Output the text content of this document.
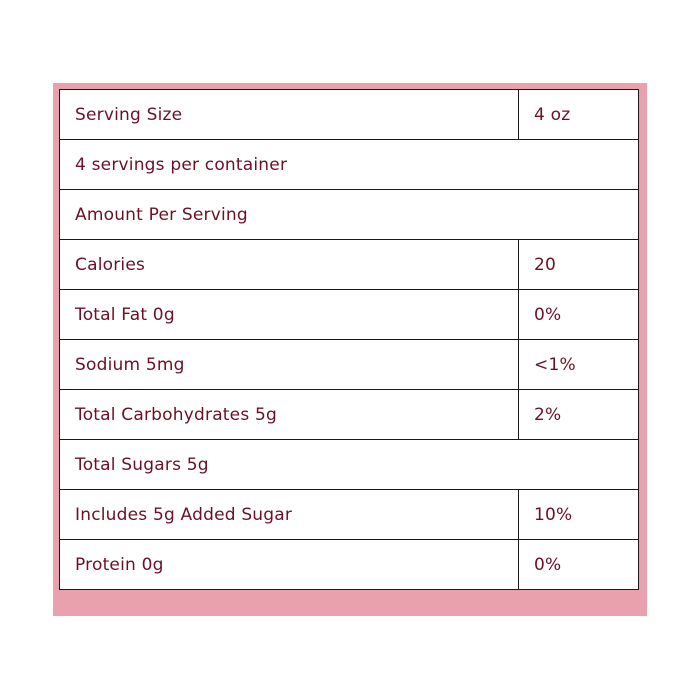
Serving Size	4 oz
4 servings per container	
Amount Per Serving	
Calories	20
Total Fat 0g	0%
Sodium 5mg	<1%
Total Carbohydrates 5g	2%
Total Sugars 5g	
Includes 5g Added Sugar	10%
Protein 0g	0%
